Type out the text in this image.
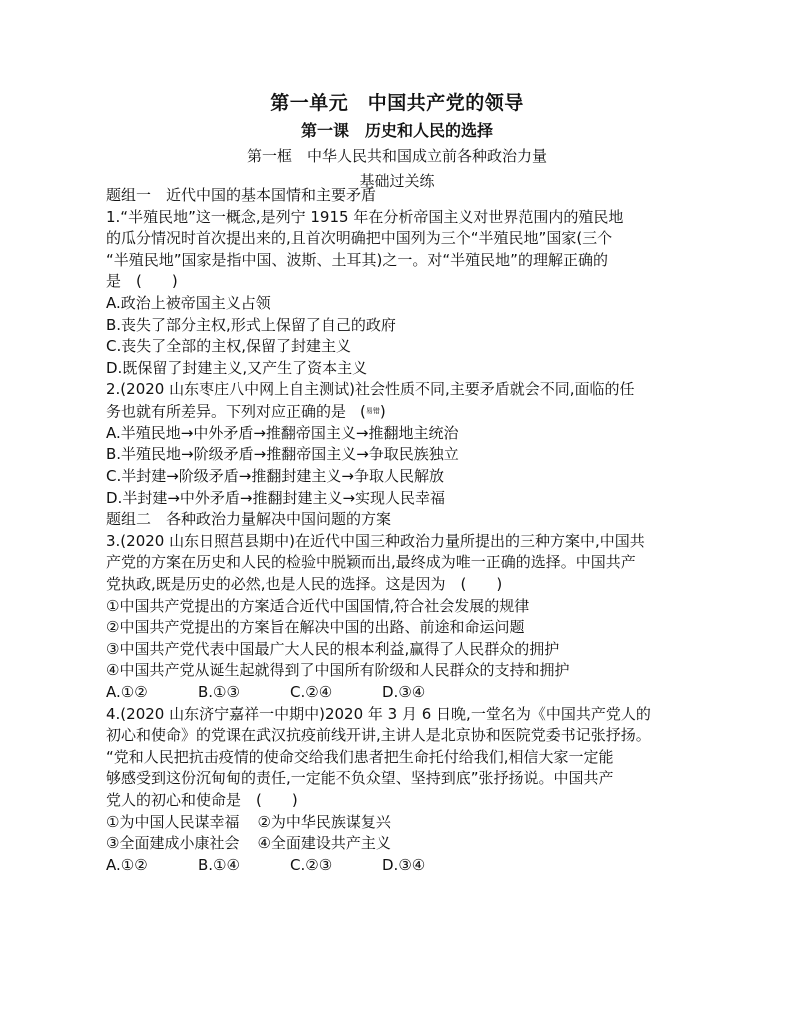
第一单元　中国共产党的领导
第一课　历史和人民的选择
第一框　中华人民共和国成立前各种政治力量
基础过关练

题组一　近代中国的基本国情和主要矛盾

1.“半殖民地”这一概念,是列宁 1915 年在分析帝国主义对世界范围内的殖民地

的瓜分情况时首次提出来的,且首次明确把中国列为三个“半殖民地”国家(三个

“半殖民地”国家是指中国、波斯、土耳其)之一。对“半殖民地”的理解正确的

是　(　　)

A.政治上被帝国主义占领

B.丧失了部分主权,形式上保留了自己的政府

C.丧失了全部的主权,保留了封建主义

D.既保留了封建主义,又产生了资本主义

2.(2020 山东枣庄八中网上自主测试)社会性质不同,主要矛盾就会不同,面临的任

务也就有所差异。下列对应正确的是 (易错)

A.半殖民地→中外矛盾→推翻帝国主义→推翻地主统治

B.半殖民地→阶级矛盾→推翻帝国主义→争取民族独立

C.半封建→阶级矛盾→推翻封建主义→争取人民解放

D.半封建→中外矛盾→推翻封建主义→实现人民幸福

题组二　各种政治力量解决中国问题的方案

3.(2020 山东日照莒县期中)在近代中国三种政治力量所提出的三种方案中,中国共

产党的方案在历史和人民的检验中脱颖而出,最终成为唯一正确的选择。中国共产

党执政,既是历史的必然,也是人民的选择。这是因为　(　　)

①中国共产党提出的方案适合近代中国国情,符合社会发展的规律

②中国共产党提出的方案旨在解决中国的出路、前途和命运问题

③中国共产党代表中国最广大人民的根本利益,赢得了人民群众的拥护

④中国共产党从诞生起就得到了中国所有阶级和人民群众的支持和拥护

A.①②	B.①③	C.②④	D.③④

4.(2020 山东济宁嘉祥一中期中)2020 年 3 月 6 日晚,一堂名为《中国共产党人的

初心和使命》的党课在武汉抗疫前线开讲,主讲人是北京协和医院党委书记张抒扬。

“党和人民把抗击疫情的使命交给我们患者把生命托付给我们,相信大家一定能

够感受到这份沉甸甸的责任,一定能不负众望、坚持到底”张抒扬说。中国共产

党人的初心和使命是　(　　)

①为中国人民谋幸福 ②为中华民族谋复兴

③全面建成小康社会 ④全面建设共产主义

A.①②	B.①④	C.②③	D.③④
